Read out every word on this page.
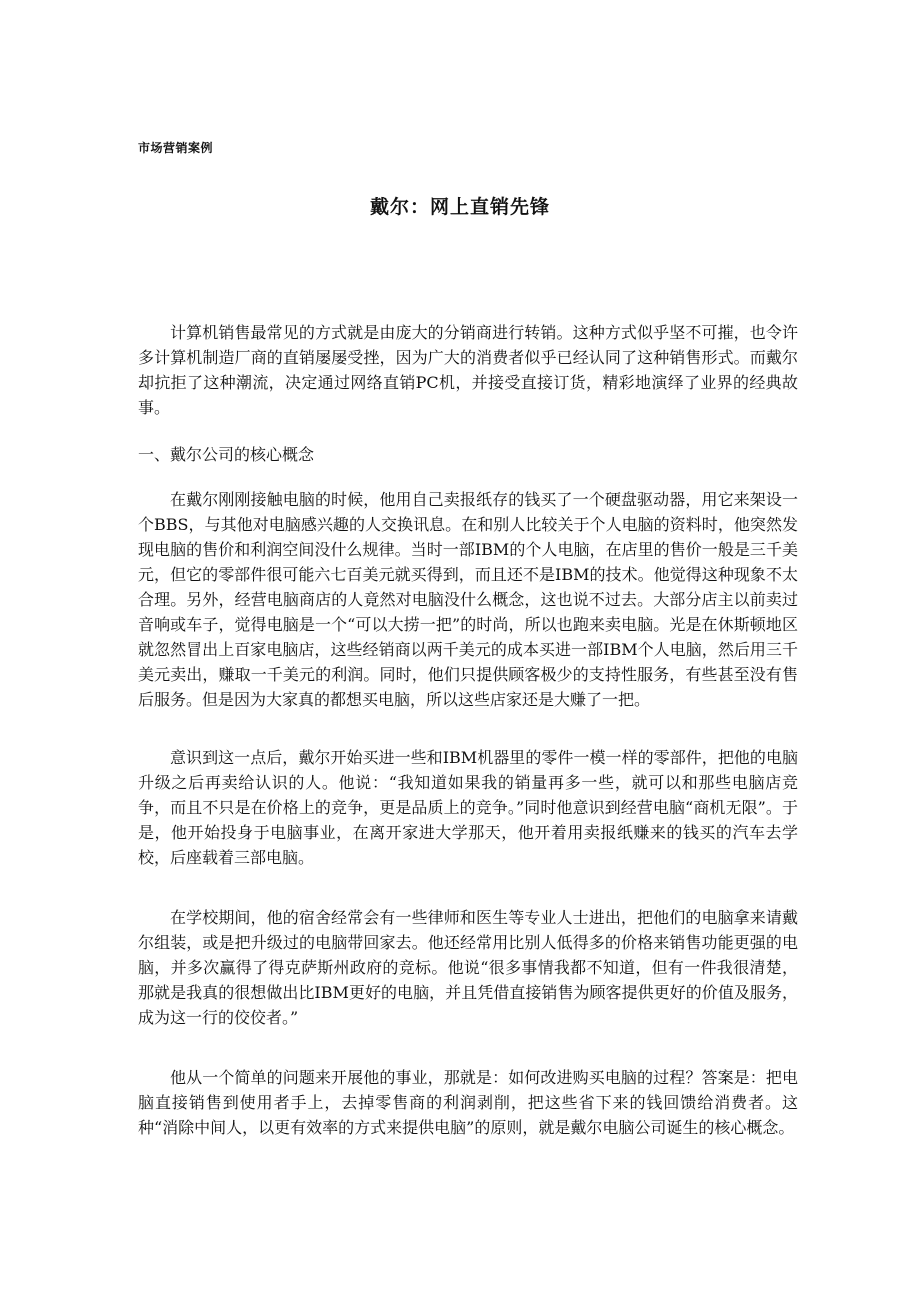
市场营销案例
戴尔：网上直销先锋

计算机销售最常见的方式就是由庞大的分销商进行转销。这种方式似乎坚不可摧，也令许多计算机制造厂商的直销屡屡受挫，因为广大的消费者似乎已经认同了这种销售形式。而戴尔却抗拒了这种潮流，决定通过网络直销PC机，并接受直接订货，精彩地演绎了业界的经典故事。

一、戴尔公司的核心概念

在戴尔刚刚接触电脑的时候，他用自己卖报纸存的钱买了一个硬盘驱动器，用它来架设一个BBS，与其他对电脑感兴趣的人交换讯息。在和别人比较关于个人电脑的资料时，他突然发现电脑的售价和利润空间没什么规律。当时一部IBM的个人电脑，在店里的售价一般是三千美元，但它的零部件很可能六七百美元就买得到，而且还不是IBM的技术。他觉得这种现象不太合理。另外，经营电脑商店的人竟然对电脑没什么概念，这也说不过去。大部分店主以前卖过音响或车子，觉得电脑是一个“可以大捞一把”的时尚，所以也跑来卖电脑。光是在休斯顿地区就忽然冒出上百家电脑店，这些经销商以两千美元的成本买进一部IBM个人电脑，然后用三千美元卖出，赚取一千美元的利润。同时，他们只提供顾客极少的支持性服务，有些甚至没有售后服务。但是因为大家真的都想买电脑，所以这些店家还是大赚了一把。

意识到这一点后，戴尔开始买进一些和IBM机器里的零件一模一样的零部件，把他的电脑升级之后再卖给认识的人。他说：“我知道如果我的销量再多一些，就可以和那些电脑店竞争，而且不只是在价格上的竞争，更是品质上的竞争。”同时他意识到经营电脑“商机无限”。于是，他开始投身于电脑事业，在离开家进大学那天，他开着用卖报纸赚来的钱买的汽车去学校，后座载着三部电脑。

在学校期间，他的宿舍经常会有一些律师和医生等专业人士进出，把他们的电脑拿来请戴尔组装，或是把升级过的电脑带回家去。他还经常用比别人低得多的价格来销售功能更强的电脑，并多次赢得了得克萨斯州政府的竞标。他说“很多事情我都不知道，但有一件我很清楚，那就是我真的很想做出比IBM更好的电脑，并且凭借直接销售为顾客提供更好的价值及服务，成为这一行的佼佼者。”

他从一个简单的问题来开展他的事业，那就是：如何改进购买电脑的过程？答案是：把电脑直接销售到使用者手上，去掉零售商的利润剥削，把这些省下来的钱回馈给消费者。这种“消除中间人，以更有效率的方式来提供电脑”的原则，就是戴尔电脑公司诞生的核心概念。
